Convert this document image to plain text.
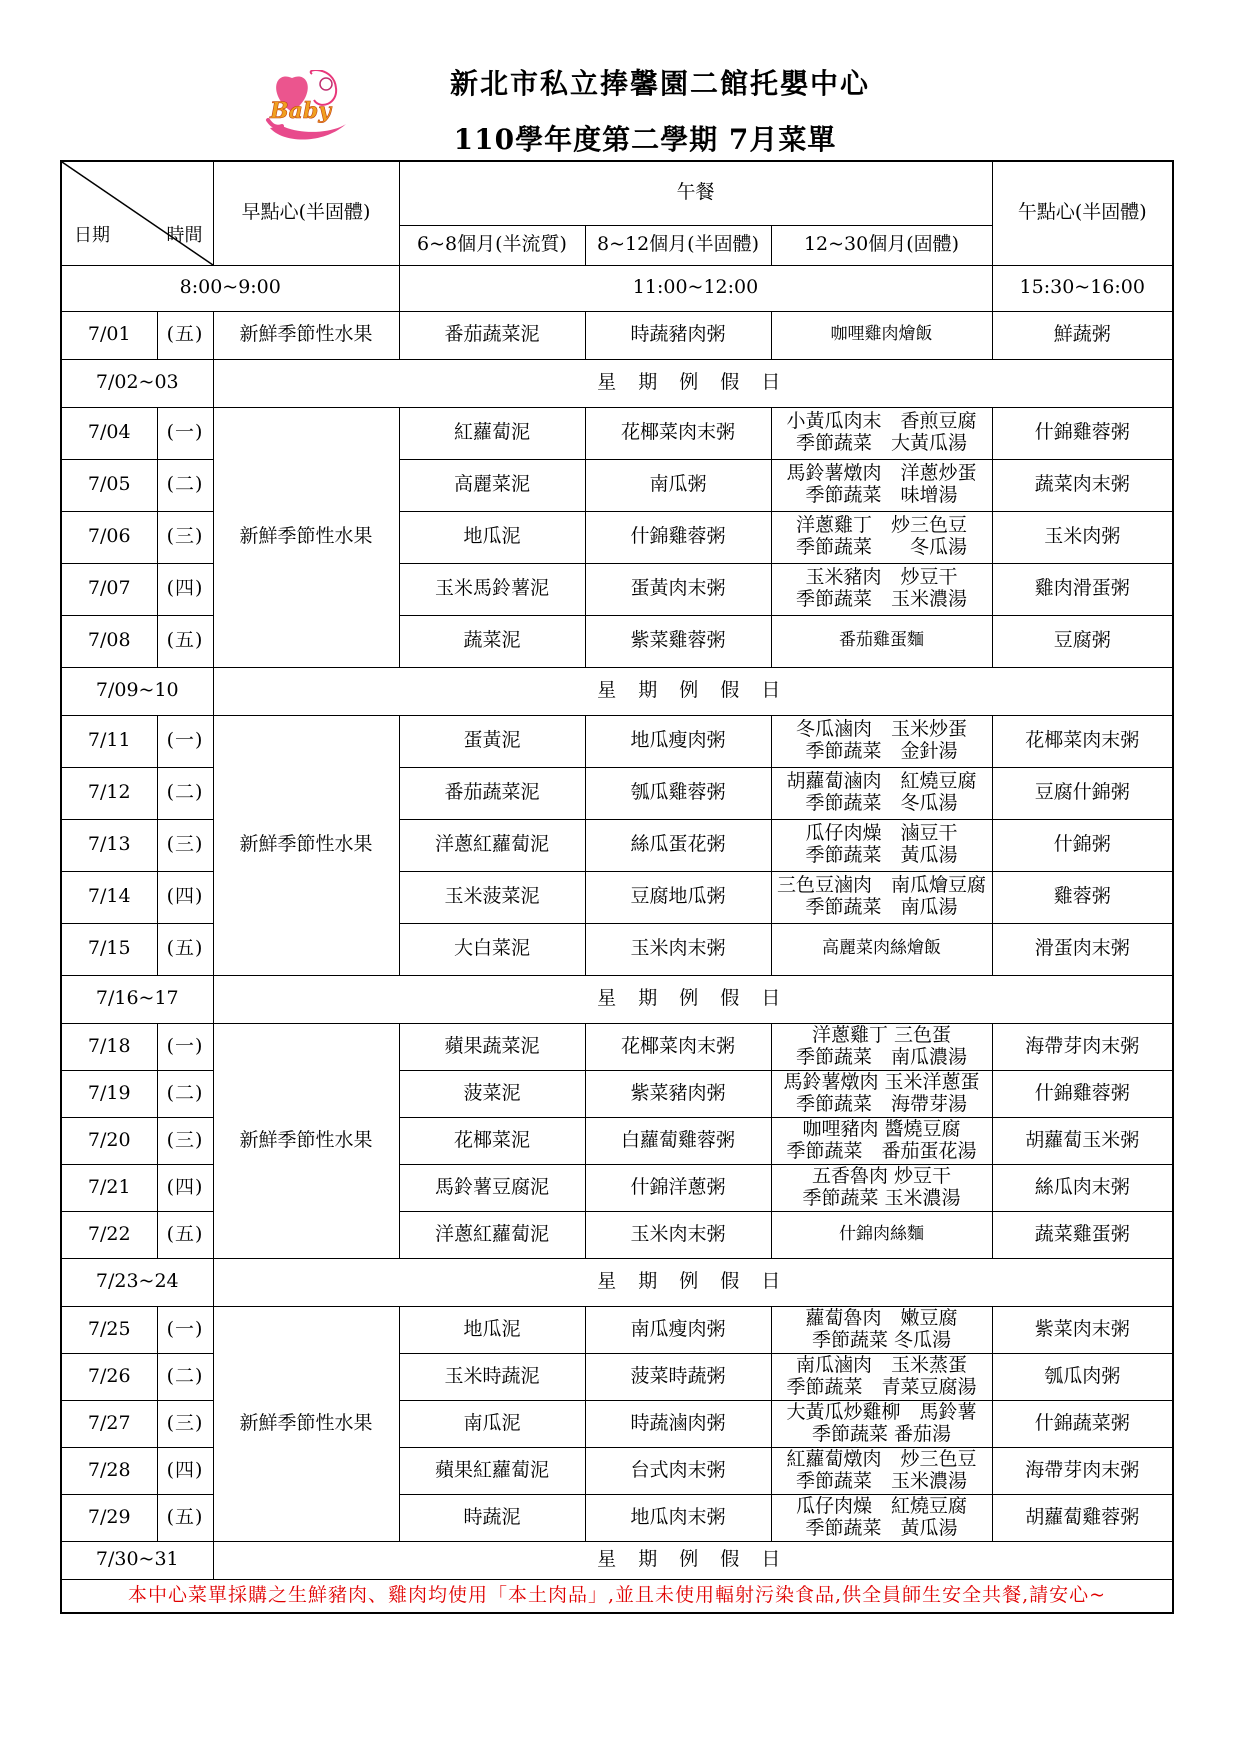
Baby
新北市私立捧馨園二館托嬰中心
110學年度第二學期 7月菜單
日期 時間		早點心(半固體)	午餐			午點心(半固體)
			6~8個月(半流質)	8~12個月(半固體)	12~30個月(固體)	
8:00~9:00			11:00~12:00			15:30~16:00
7/01	(五)	新鮮季節性水果	番茄蔬菜泥	時蔬豬肉粥	咖哩雞肉燴飯	鮮蔬粥
7/02~03		星 期 例 假 日				
7/04	(一)	新鮮季節性水果	紅蘿蔔泥	花椰菜肉末粥	小黃瓜肉末　香煎豆腐
季節蔬菜　大黃瓜湯	什錦雞蓉粥
7/05	(二)		高麗菜泥	南瓜粥	馬鈴薯燉肉　洋蔥炒蛋
季節蔬菜　味增湯	蔬菜肉末粥
7/06	(三)		地瓜泥	什錦雞蓉粥	洋蔥雞丁　炒三色豆
季節蔬菜　　冬瓜湯	玉米肉粥
7/07	(四)		玉米馬鈴薯泥	蛋黃肉末粥	玉米豬肉　炒豆干
季節蔬菜　玉米濃湯	雞肉滑蛋粥
7/08	(五)		蔬菜泥	紫菜雞蓉粥	番茄雞蛋麵	豆腐粥
7/09~10		星 期 例 假 日				
7/11	(一)	新鮮季節性水果	蛋黃泥	地瓜瘦肉粥	冬瓜滷肉　玉米炒蛋
季節蔬菜　金針湯	花椰菜肉末粥
7/12	(二)		番茄蔬菜泥	瓠瓜雞蓉粥	胡蘿蔔滷肉　紅燒豆腐
季節蔬菜　冬瓜湯	豆腐什錦粥
7/13	(三)		洋蔥紅蘿蔔泥	絲瓜蛋花粥	瓜仔肉燥　滷豆干
季節蔬菜　黃瓜湯	什錦粥
7/14	(四)		玉米菠菜泥	豆腐地瓜粥	三色豆滷肉　南瓜燴豆腐
季節蔬菜　南瓜湯	雞蓉粥
7/15	(五)		大白菜泥	玉米肉末粥	高麗菜肉絲燴飯	滑蛋肉末粥
7/16~17		星 期 例 假 日				
7/18	(一)	新鮮季節性水果	蘋果蔬菜泥	花椰菜肉末粥	洋蔥雞丁 三色蛋
季節蔬菜　南瓜濃湯	海帶芽肉末粥
7/19	(二)		菠菜泥	紫菜豬肉粥	馬鈴薯燉肉 玉米洋蔥蛋
季節蔬菜　海帶芽湯	什錦雞蓉粥
7/20	(三)		花椰菜泥	白蘿蔔雞蓉粥	咖哩豬肉 醬燒豆腐
季節蔬菜　番茄蛋花湯	胡蘿蔔玉米粥
7/21	(四)		馬鈴薯豆腐泥	什錦洋蔥粥	五香魯肉 炒豆干
季節蔬菜 玉米濃湯	絲瓜肉末粥
7/22	(五)		洋蔥紅蘿蔔泥	玉米肉末粥	什錦肉絲麵	蔬菜雞蛋粥
7/23~24		星 期 例 假 日				
7/25	(一)	新鮮季節性水果	地瓜泥	南瓜瘦肉粥	蘿蔔魯肉　嫩豆腐
季節蔬菜 冬瓜湯	紫菜肉末粥
7/26	(二)		玉米時蔬泥	菠菜時蔬粥	南瓜滷肉　玉米蒸蛋
季節蔬菜　青菜豆腐湯	瓠瓜肉粥
7/27	(三)		南瓜泥	時蔬滷肉粥	大黃瓜炒雞柳　馬鈴薯
季節蔬菜 番茄湯	什錦蔬菜粥
7/28	(四)		蘋果紅蘿蔔泥	台式肉末粥	紅蘿蔔燉肉　炒三色豆
季節蔬菜　玉米濃湯	海帶芽肉末粥
7/29	(五)		時蔬泥	地瓜肉末粥	瓜仔肉燥　紅燒豆腐
季節蔬菜　黃瓜湯	胡蘿蔔雞蓉粥
7/30~31		星 期 例 假 日				
本中心菜單採購之生鮮豬肉、雞肉均使用「本土肉品」,並且未使用輻射污染食品,供全員師生安全共餐,請安心~						
